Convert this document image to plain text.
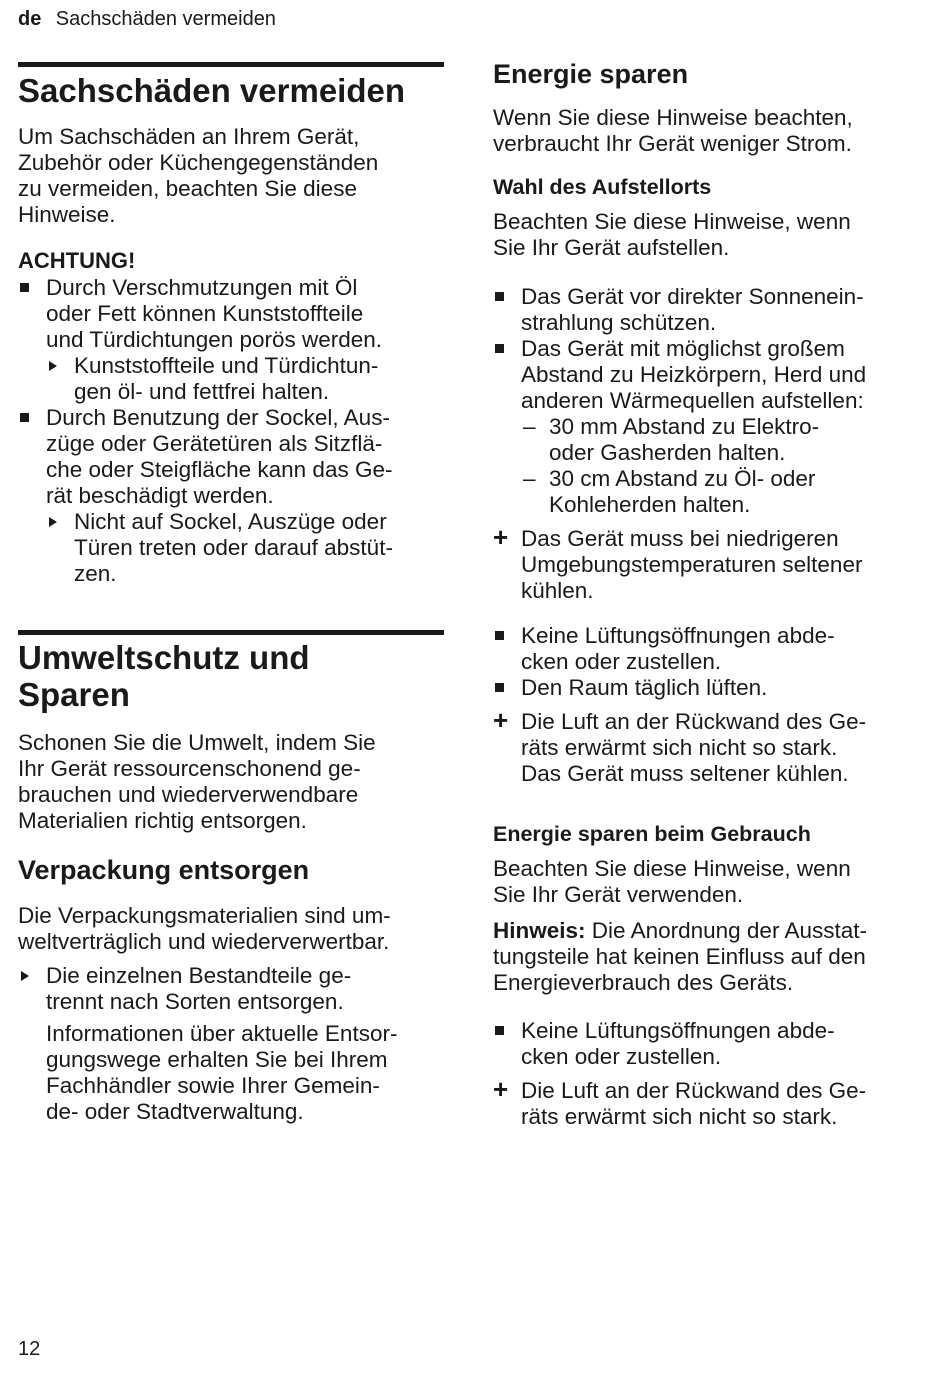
de Sachschäden vermeiden
Sachschäden vermeiden
Um Sachschäden an Ihrem Gerät,
Zubehör oder Küchengegenständen
zu vermeiden, beachten Sie diese
Hinweise.
ACHTUNG!
Durch Verschmutzungen mit Öl
oder Fett können Kunststoffteile
und Türdichtungen porös werden.
Kunststoffteile und Türdichtun-
gen öl- und fettfrei halten.
Durch Benutzung der Sockel, Aus-
züge oder Gerätetüren als Sitzflä-
che oder Steigfläche kann das Ge-
rät beschädigt werden.
Nicht auf Sockel, Auszüge oder
Türen treten oder darauf abstüt-
zen.
Umweltschutz und
Sparen
Schonen Sie die Umwelt, indem Sie
Ihr Gerät ressourcenschonend ge-
brauchen und wiederverwendbare
Materialien richtig entsorgen.
Verpackung entsorgen
Die Verpackungsmaterialien sind um-
weltverträglich und wiederverwertbar.
Die einzelnen Bestandteile ge-
trennt nach Sorten entsorgen.
Informationen über aktuelle Entsor-
gungswege erhalten Sie bei Ihrem
Fachhändler sowie Ihrer Gemein-
de- oder Stadtverwaltung.
Energie sparen
Wenn Sie diese Hinweise beachten,
verbraucht Ihr Gerät weniger Strom.
Wahl des Aufstellorts
Beachten Sie diese Hinweise, wenn
Sie Ihr Gerät aufstellen.
Das Gerät vor direkter Sonnenein-
strahlung schützen.
Das Gerät mit möglichst großem
Abstand zu Heizkörpern, Herd und
anderen Wärmequellen aufstellen:
– 30 mm Abstand zu Elektro-
oder Gasherden halten.
– 30 cm Abstand zu Öl- oder
Kohleherden halten.
+ Das Gerät muss bei niedrigeren
Umgebungstemperaturen seltener
kühlen.
Keine Lüftungsöffnungen abde-
cken oder zustellen.
Den Raum täglich lüften.
+ Die Luft an der Rückwand des Ge-
räts erwärmt sich nicht so stark.
Das Gerät muss seltener kühlen.
Energie sparen beim Gebrauch
Beachten Sie diese Hinweise, wenn
Sie Ihr Gerät verwenden.
Hinweis: Die Anordnung der Ausstat-
tungsteile hat keinen Einfluss auf den
Energieverbrauch des Geräts.
Keine Lüftungsöffnungen abde-
cken oder zustellen.
+ Die Luft an der Rückwand des Ge-
räts erwärmt sich nicht so stark.
12
